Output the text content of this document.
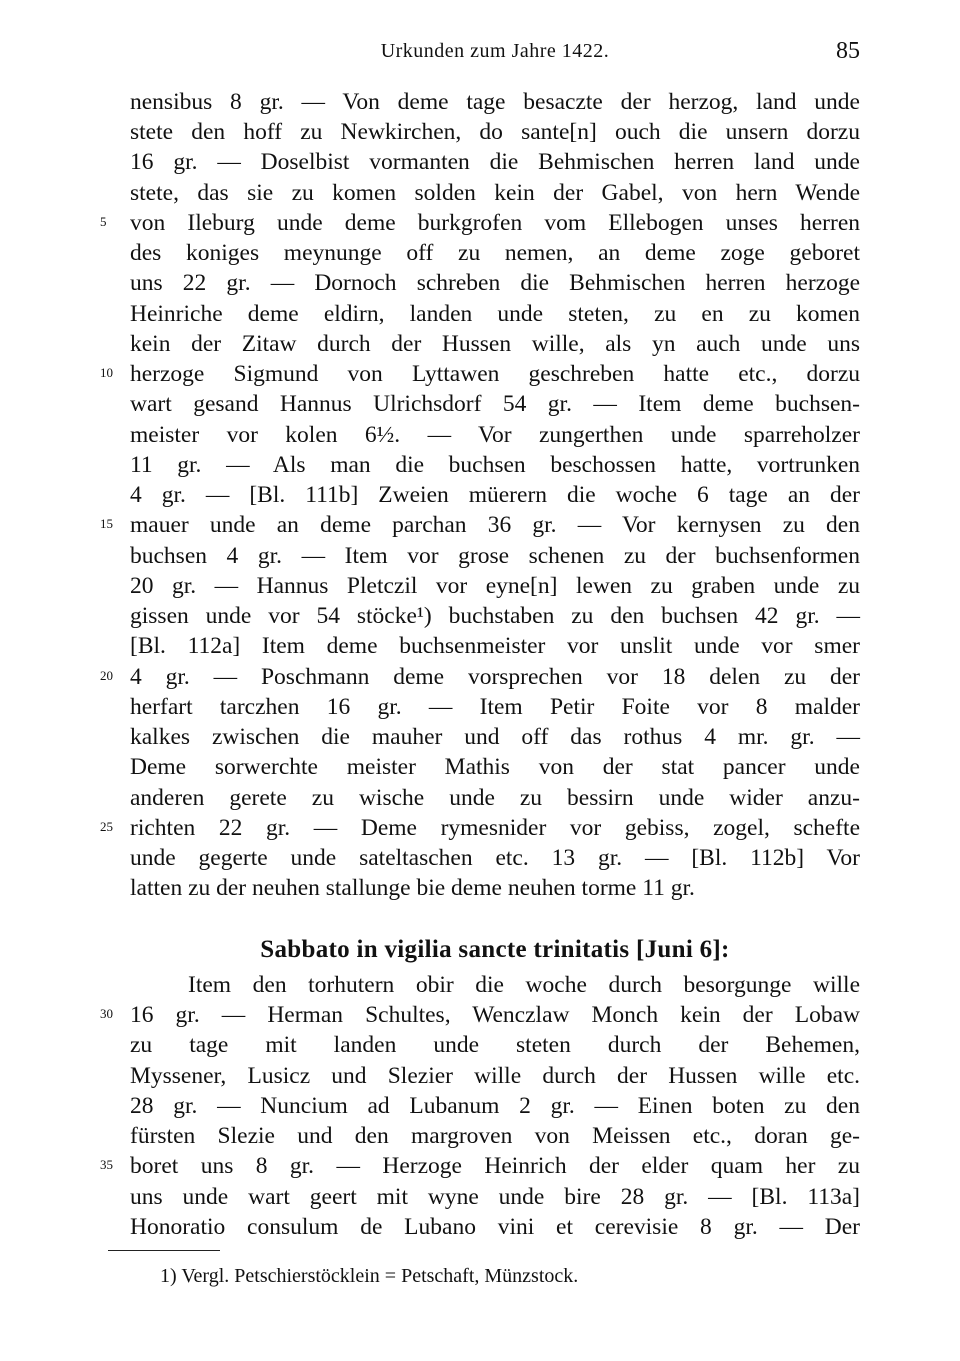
Urkunden zum Jahre 1422.	85
nensibus 8 gr. — Von deme tage besaczte der herzog, land unde
stete den hoff zu Newkirchen, do sante[n] ouch die unsern dorzu
16 gr. — Doselbist vormanten die Behmischen herren land unde
stete, das sie zu komen solden kein der Gabel, von hern Wende
von Ileburg unde deme burkgrofen vom Ellebogen unses herren
des koniges meynunge off zu nemen, an deme zoge geboret
uns 22 gr. — Dornoch schreben die Behmischen herren herzoge
Heinriche deme eldirn, landen unde steten, zu en zu komen
kein der Zitaw durch der Hussen wille, als yn auch unde uns
herzoge Sigmund von Lyttawen geschreben hatte etc., dorzu
wart gesand Hannus Ulrichsdorf 54 gr. — Item deme buchsen-
meister vor kolen 6½. — Vor zungerthen unde sparreholzer
11 gr. — Als man die buchsen beschossen hatte, vortrunken
4 gr. — [Bl. 111b] Zweien müerern die woche 6 tage an der
mauer unde an deme parchan 36 gr. — Vor kernysen zu den
buchsen 4 gr. — Item vor grose schenen zu der buchsenformen
20 gr. — Hannus Pletczil vor eyne[n] lewen zu graben unde zu
gissen unde vor 54 stöcke¹) buchstaben zu den buchsen 42 gr. —
[Bl. 112a] Item deme buchsenmeister vor unslit unde vor smer
4 gr. — Poschmann deme vorsprechen vor 18 delen zu der
herfart tarczhen 16 gr. — Item Petir Foite vor 8 malder
kalkes zwischen die mauher und off das rothus 4 mr. gr. —
Deme sorwerchte meister Mathis von der stat pancer unde
anderen gerete zu wische unde zu bessirn unde wider anzu-
richten 22 gr. — Deme rymesnider vor gebiss, zogel, schefte
unde gegerte unde sateltaschen etc. 13 gr. — [Bl. 112b] Vor
latten zu der neuhen stallunge bie deme neuhen torme 11 gr.
Sabbato in vigilia sancte trinitatis [Juni 6]:
Item den torhutern obir die woche durch besorgunge wille
16 gr. — Herman Schultes, Wenczlaw Monch kein der Lobaw
zu tage mit landen unde steten durch der Behemen,
Myssener, Lusicz und Slezier wille durch der Hussen wille etc.
28 gr. — Nuncium ad Lubanum 2 gr. — Einen boten zu den
fürsten Slezie und den margroven von Meissen etc., doran ge-
boret uns 8 gr. — Herzoge Heinrich der elder quam her zu
uns unde wart geert mit wyne unde bire 28 gr. — [Bl. 113a]
Honoratio consulum de Lubano vini et cerevisie 8 gr. — Der
5
10
15
20
25
30
35
1) Vergl. Petschierstöcklein = Petschaft, Münzstock.
